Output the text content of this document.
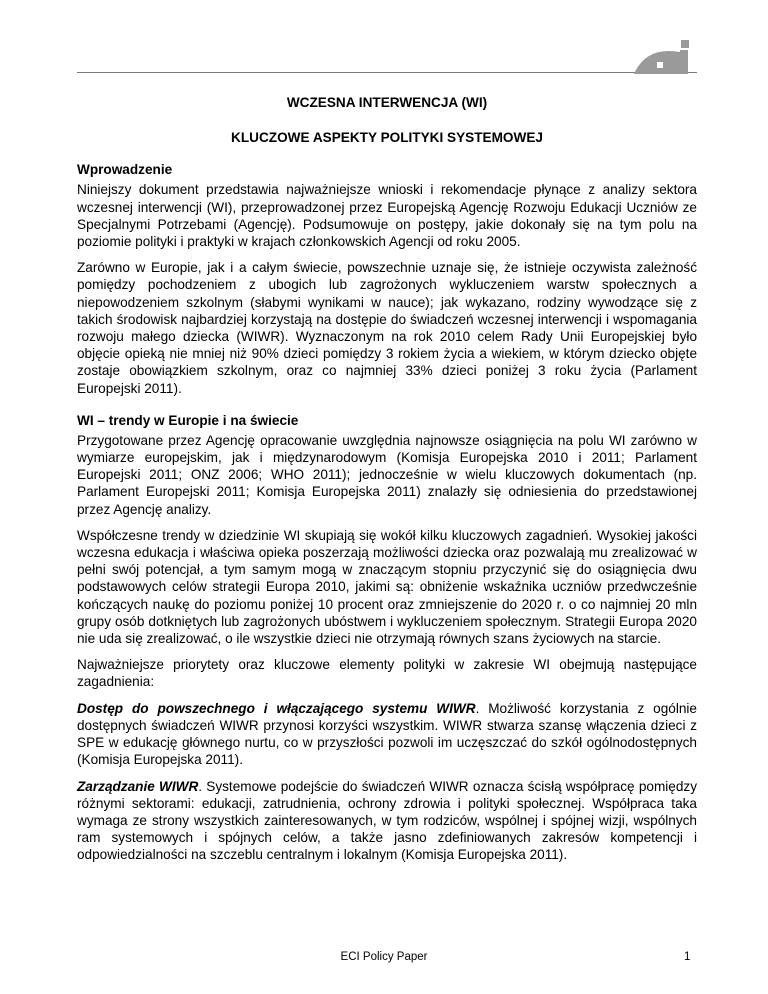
WCZESNA INTERWENCJA (WI)

KLUCZOWE ASPEKTY POLITYKI SYSTEMOWEJ

Wprowadzenie

Niniejszy dokument przedstawia najważniejsze wnioski i rekomendacje płynące z analizy sektora wczesnej interwencji (WI), przeprowadzonej przez Europejską Agencję Rozwoju Edukacji Uczniów ze Specjalnymi Potrzebami (Agencję). Podsumowuje on postępy, jakie dokonały się na tym polu na poziomie polityki i praktyki w krajach członkowskich Agencji od roku 2005.

Zarówno w Europie, jak i a całym świecie, powszechnie uznaje się, że istnieje oczywista zależność pomiędzy pochodzeniem z ubogich lub zagrożonych wykluczeniem warstw społecznych a niepowodzeniem szkolnym (słabymi wynikami w nauce); jak wykazano, rodziny wywodzące się z takich środowisk najbardziej korzystają na dostępie do świadczeń wczesnej interwencji i wspomagania rozwoju małego dziecka (WIWR). Wyznaczonym na rok 2010 celem Rady Unii Europejskiej było objęcie opieką nie mniej niż 90% dzieci pomiędzy 3 rokiem życia a wiekiem, w którym dziecko objęte zostaje obowiązkiem szkolnym, oraz co najmniej 33% dzieci poniżej 3 roku życia (Parlament Europejski 2011).

WI – trendy w Europie i na świecie

Przygotowane przez Agencję opracowanie uwzględnia najnowsze osiągnięcia na polu WI zarówno w wymiarze europejskim, jak i międzynarodowym (Komisja Europejska 2010 i 2011; Parlament Europejski 2011; ONZ 2006; WHO 2011); jednocześnie w wielu kluczowych dokumentach (np. Parlament Europejski 2011; Komisja Europejska 2011) znalazły się odniesienia do przedstawionej przez Agencję analizy.

Współczesne trendy w dziedzinie WI skupiają się wokół kilku kluczowych zagadnień. Wysokiej jakości wczesna edukacja i właściwa opieka poszerzają możliwości dziecka oraz pozwalają mu zrealizować w pełni swój potencjał, a tym samym mogą w znaczącym stopniu przyczynić się do osiągnięcia dwu podstawowych celów strategii Europa 2010, jakimi są: obniżenie wskaźnika uczniów przedwcześnie kończących naukę do poziomu poniżej 10 procent oraz zmniejszenie do 2020 r. o co najmniej 20 mln grupy osób dotkniętych lub zagrożonych ubóstwem i wykluczeniem społecznym. Strategii Europa 2020 nie uda się zrealizować, o ile wszystkie dzieci nie otrzymają równych szans życiowych na starcie.

Najważniejsze priorytety oraz kluczowe elementy polityki w zakresie WI obejmują następujące zagadnienia:

Dostęp do powszechnego i włączającego systemu WIWR. Możliwość korzystania z ogólnie dostępnych świadczeń WIWR przynosi korzyści wszystkim. WIWR stwarza szansę włączenia dzieci z SPE w edukację głównego nurtu, co w przyszłości pozwoli im uczęszczać do szkół ogólnodostępnych (Komisja Europejska 2011).

Zarządzanie WIWR. Systemowe podejście do świadczeń WIWR oznacza ścisłą współpracę pomiędzy różnymi sektorami: edukacji, zatrudnienia, ochrony zdrowia i polityki społecznej. Współpraca taka wymaga ze strony wszystkich zainteresowanych, w tym rodziców, wspólnej i spójnej wizji, wspólnych ram systemowych i spójnych celów, a także jasno zdefiniowanych zakresów kompetencji i odpowiedzialności na szczeblu centralnym i lokalnym (Komisja Europejska 2011).

ECI Policy Paper	1
